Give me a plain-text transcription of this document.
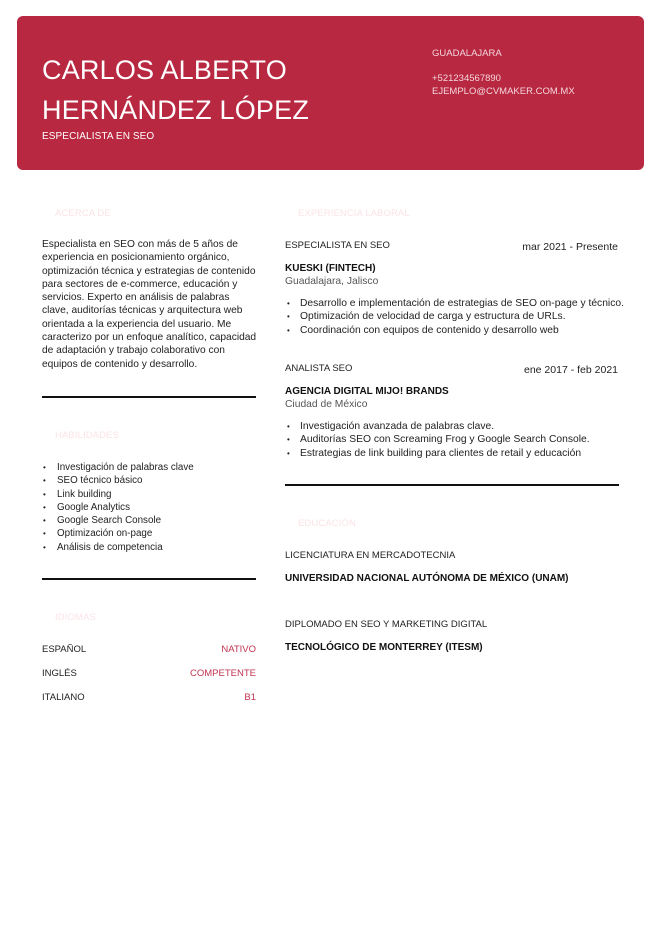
CARLOS ALBERTO HERNÁNDEZ LÓPEZ
ESPECIALISTA EN SEO
GUADALAJARA
+521234567890
EJEMPLO@CVMAKER.COM.MX
ACERCA DE
Especialista en SEO con más de 5 años de experiencia en posicionamiento orgánico, optimización técnica y estrategias de contenido para sectores de e-commerce, educación y servicios. Experto en análisis de palabras clave, auditorías técnicas y arquitectura web orientada a la experiencia del usuario. Me caracterizo por un enfoque analítico, capacidad de adaptación y trabajo colaborativo con equipos de contenido y desarrollo.
HABILIDADES
• Investigación de palabras clave
• SEO técnico básico
• Link building
• Google Analytics
• Google Search Console
• Optimización on-page
• Análisis de competencia
IDIOMAS
ESPAÑOL	NATIVO
INGLÉS	COMPETENTE
ITALIANO	B1
EXPERIENCIA LABORAL
ESPECIALISTA EN SEO	mar 2021 - Presente
KUESKI (FINTECH)
Guadalajara, Jalisco
• Desarrollo e implementación de estrategias de SEO on-page y técnico.
• Optimización de velocidad de carga y estructura de URLs.
• Coordinación con equipos de contenido y desarrollo web
ANALISTA SEO	ene 2017 - feb 2021
AGENCIA DIGITAL MIJO! BRANDS
Ciudad de México
• Investigación avanzada de palabras clave.
• Auditorías SEO con Screaming Frog y Google Search Console.
• Estrategias de link building para clientes de retail y educación
EDUCACIÓN
LICENCIATURA EN MERCADOTECNIA
UNIVERSIDAD NACIONAL AUTÓNOMA DE MÉXICO (UNAM)
DIPLOMADO EN SEO Y MARKETING DIGITAL
TECNOLÓGICO DE MONTERREY (ITESM)
